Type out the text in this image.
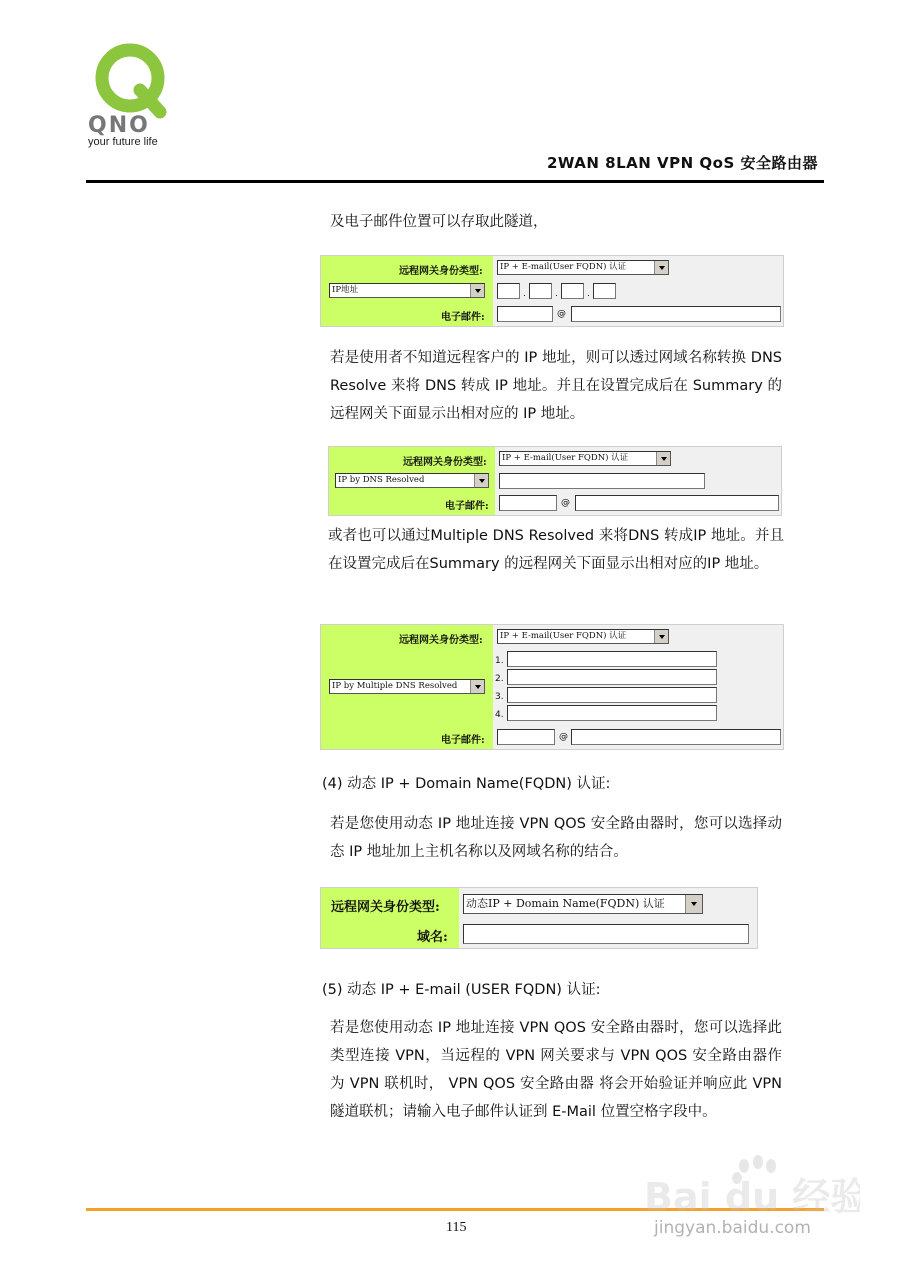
QNO
your future life
2WAN 8LAN VPN QoS 安全路由器
及电子邮件位置可以存取此隧道，
远程网关身份类型:	IP + E-mail(User FQDN) 认证
IP地址	.	.	.
电子邮件:	@
若是使用者不知道远程客户的 IP 地址，则可以透过网域名称转换 DNS Resolve 来将 DNS 转成 IP 地址。并且在设置完成后在 Summary 的远程网关下面显示出相对应的 IP 地址。
远程网关身份类型:	IP + E-mail(User FQDN) 认证
IP by DNS Resolved
电子邮件:	@
或者也可以通过Multiple DNS Resolved 来将DNS 转成IP 地址。并且在设置完成后在Summary 的远程网关下面显示出相对应的IP 地址。
远程网关身份类型:	IP + E-mail(User FQDN) 认证
IP by Multiple DNS Resolved
1.
2.
3.
4.
电子邮件:	@
(4) 动态 IP + Domain Name(FQDN) 认证:
若是您使用动态 IP 地址连接 VPN QOS 安全路由器时，您可以选择动态 IP 地址加上主机名称以及网域名称的结合。
远程网关身份类型: 动态IP + Domain Name(FQDN) 认证
域名:
(5) 动态 IP + E-mail (USER FQDN) 认证:
若是您使用动态 IP 地址连接 VPN QOS 安全路由器时，您可以选择此类型连接 VPN，当远程的 VPN 网关要求与 VPN QOS 安全路由器作为 VPN 联机时， VPN QOS 安全路由器 将会开始验证并响应此 VPN 隧道联机；请输入电子邮件认证到 E-Mail 位置空格字段中。
115
Bai du 经验
jingyan.baidu.com
